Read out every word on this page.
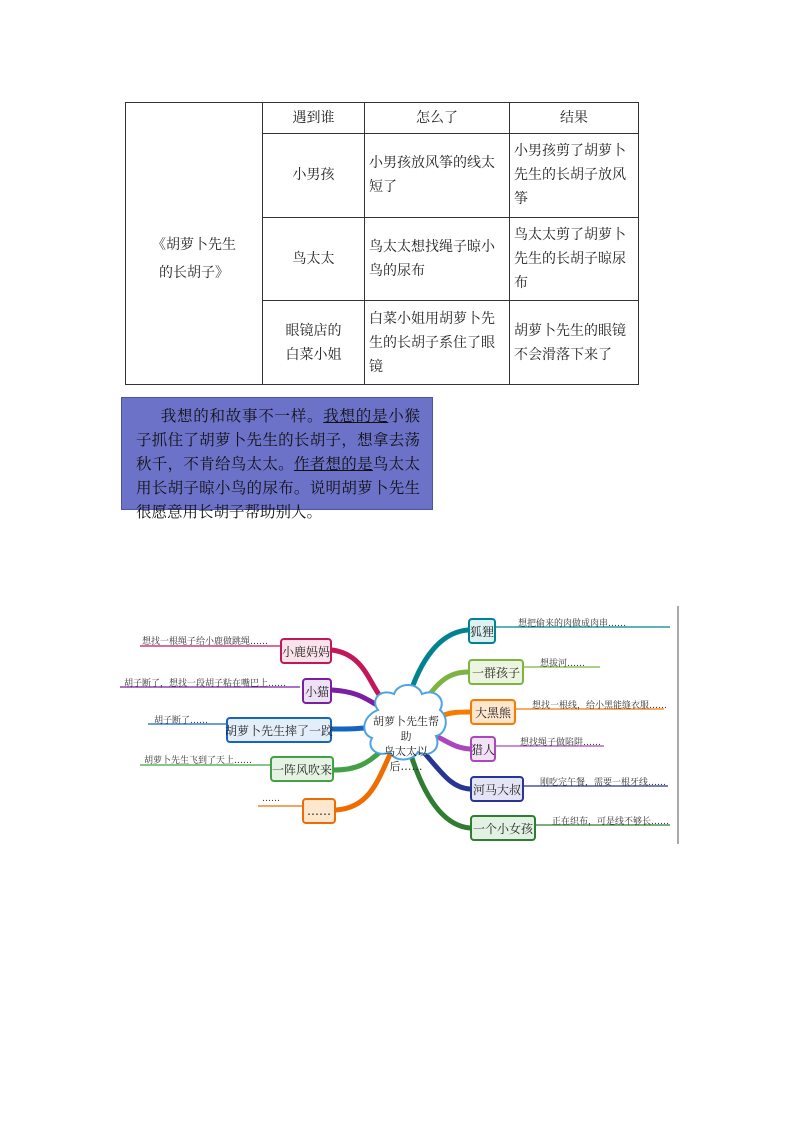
	遇到谁	怎么了	结果
《胡萝卜先生的长胡子》	小男孩	小男孩放风筝的线太短了	小男孩剪了胡萝卜先生的长胡子放风筝
	鸟太太	鸟太太想找绳子晾小鸟的尿布	鸟太太剪了胡萝卜先生的长胡子晾尿布
	眼镜店的白菜小姐	白菜小姐用胡萝卜先生的长胡子系住了眼镜	胡萝卜先生的眼镜不会滑落下来了
我想的和故事不一样。我想的是小猴子抓住了胡萝卜先生的长胡子，想拿去荡秋千，不肯给鸟太太。作者想的是鸟太太用长胡子晾小鸟的尿布。说明胡萝卜先生很愿意用长胡子帮助别人。
胡萝卜先生帮助
鸟太太以后……
小鹿妈妈
想找一根绳子给小鹿做跳绳……
小猫
胡子断了，想找一段胡子粘在嘴巴上……
胡萝卜先生摔了一跤
胡子断了……
一阵风吹来
胡萝卜先生飞到了天上……
……
……
狐狸
想把偷来的肉做成肉串……
一群孩子
想拔河……
大黑熊	想找一根线，给小黑能缝衣服……
猎人	想找绳子做陷阱……
河马大叔	刚吃完午餐，需要一根牙线……
一个小女孩	正在织布，可是线不够长……
